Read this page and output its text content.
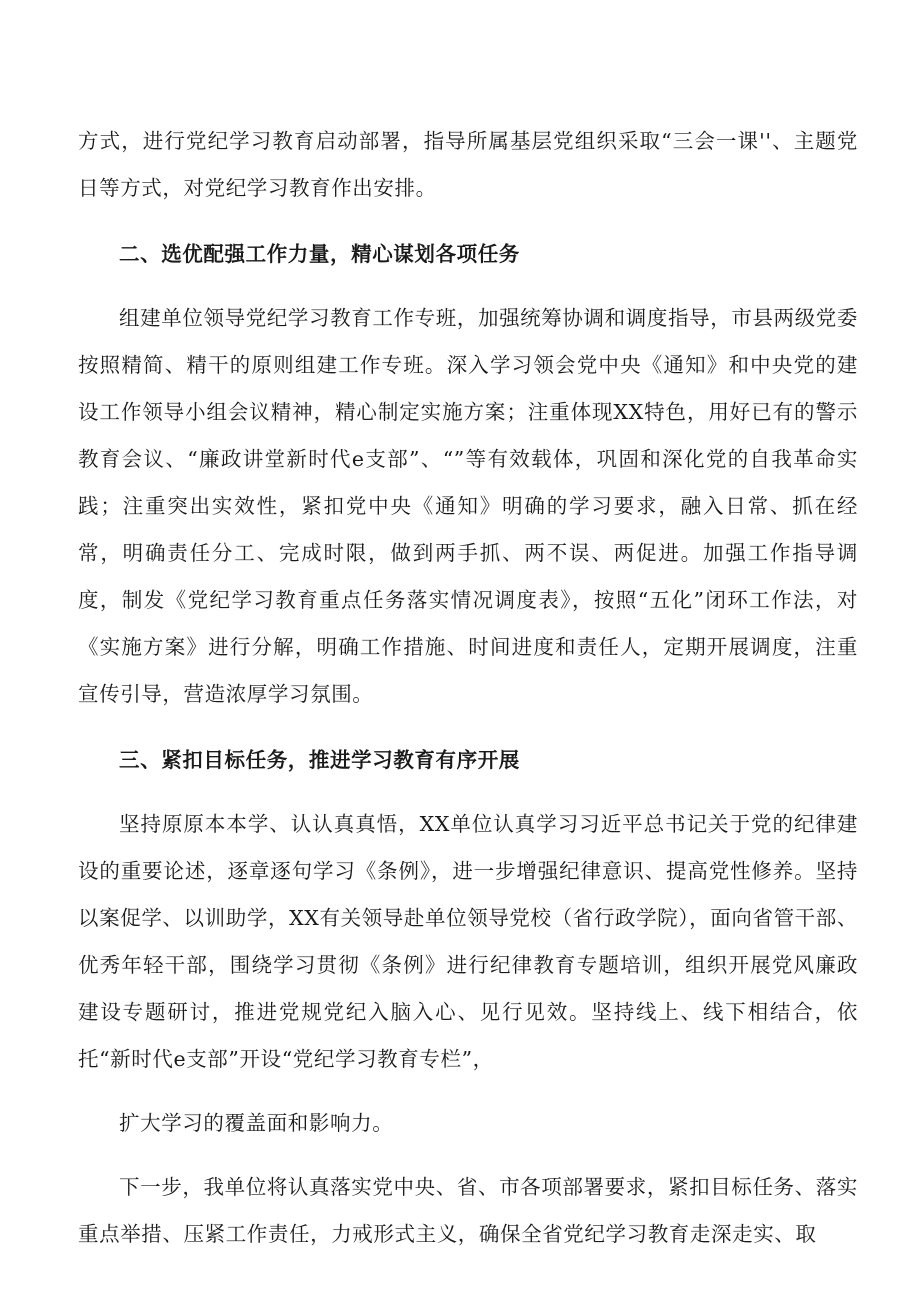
方式，进行党纪学习教育启动部署，指导所属基层党组织采取“三会一课''、主题党日等方式，对党纪学习教育作出安排。

二、选优配强工作力量，精心谋划各项任务

组建单位领导党纪学习教育工作专班，加强统筹协调和调度指导，市县两级党委按照精简、精干的原则组建工作专班。深入学习领会党中央《通知》和中央党的建设工作领导小组会议精神，精心制定实施方案；注重体现XX特色，用好已有的警示教育会议、“廉政讲堂新时代e支部”、“”等有效载体，巩固和深化党的自我革命实践；注重突出实效性，紧扣党中央《通知》明确的学习要求，融入日常、抓在经常，明确责任分工、完成时限，做到两手抓、两不误、两促进。加强工作指导调度，制发《党纪学习教育重点任务落实情况调度表》，按照“五化”闭环工作法，对《实施方案》进行分解，明确工作措施、时间进度和责任人，定期开展调度，注重宣传引导，营造浓厚学习氛围。

三、紧扣目标任务，推进学习教育有序开展

坚持原原本本学、认认真真悟，XX单位认真学习习近平总书记关于党的纪律建设的重要论述，逐章逐句学习《条例》，进一步增强纪律意识、提高党性修养。坚持以案促学、以训助学，XX有关领导赴单位领导党校（省行政学院），面向省管干部、优秀年轻干部，围绕学习贯彻《条例》进行纪律教育专题培训，组织开展党风廉政建设专题研讨，推进党规党纪入脑入心、见行见效。坚持线上、线下相结合，依托“新时代e支部”开设“党纪学习教育专栏”，

扩大学习的覆盖面和影响力。

下一步，我单位将认真落实党中央、省、市各项部署要求，紧扣目标任务、落实重点举措、压紧工作责任，力戒形式主义，确保全省党纪学习教育走深走实、取
